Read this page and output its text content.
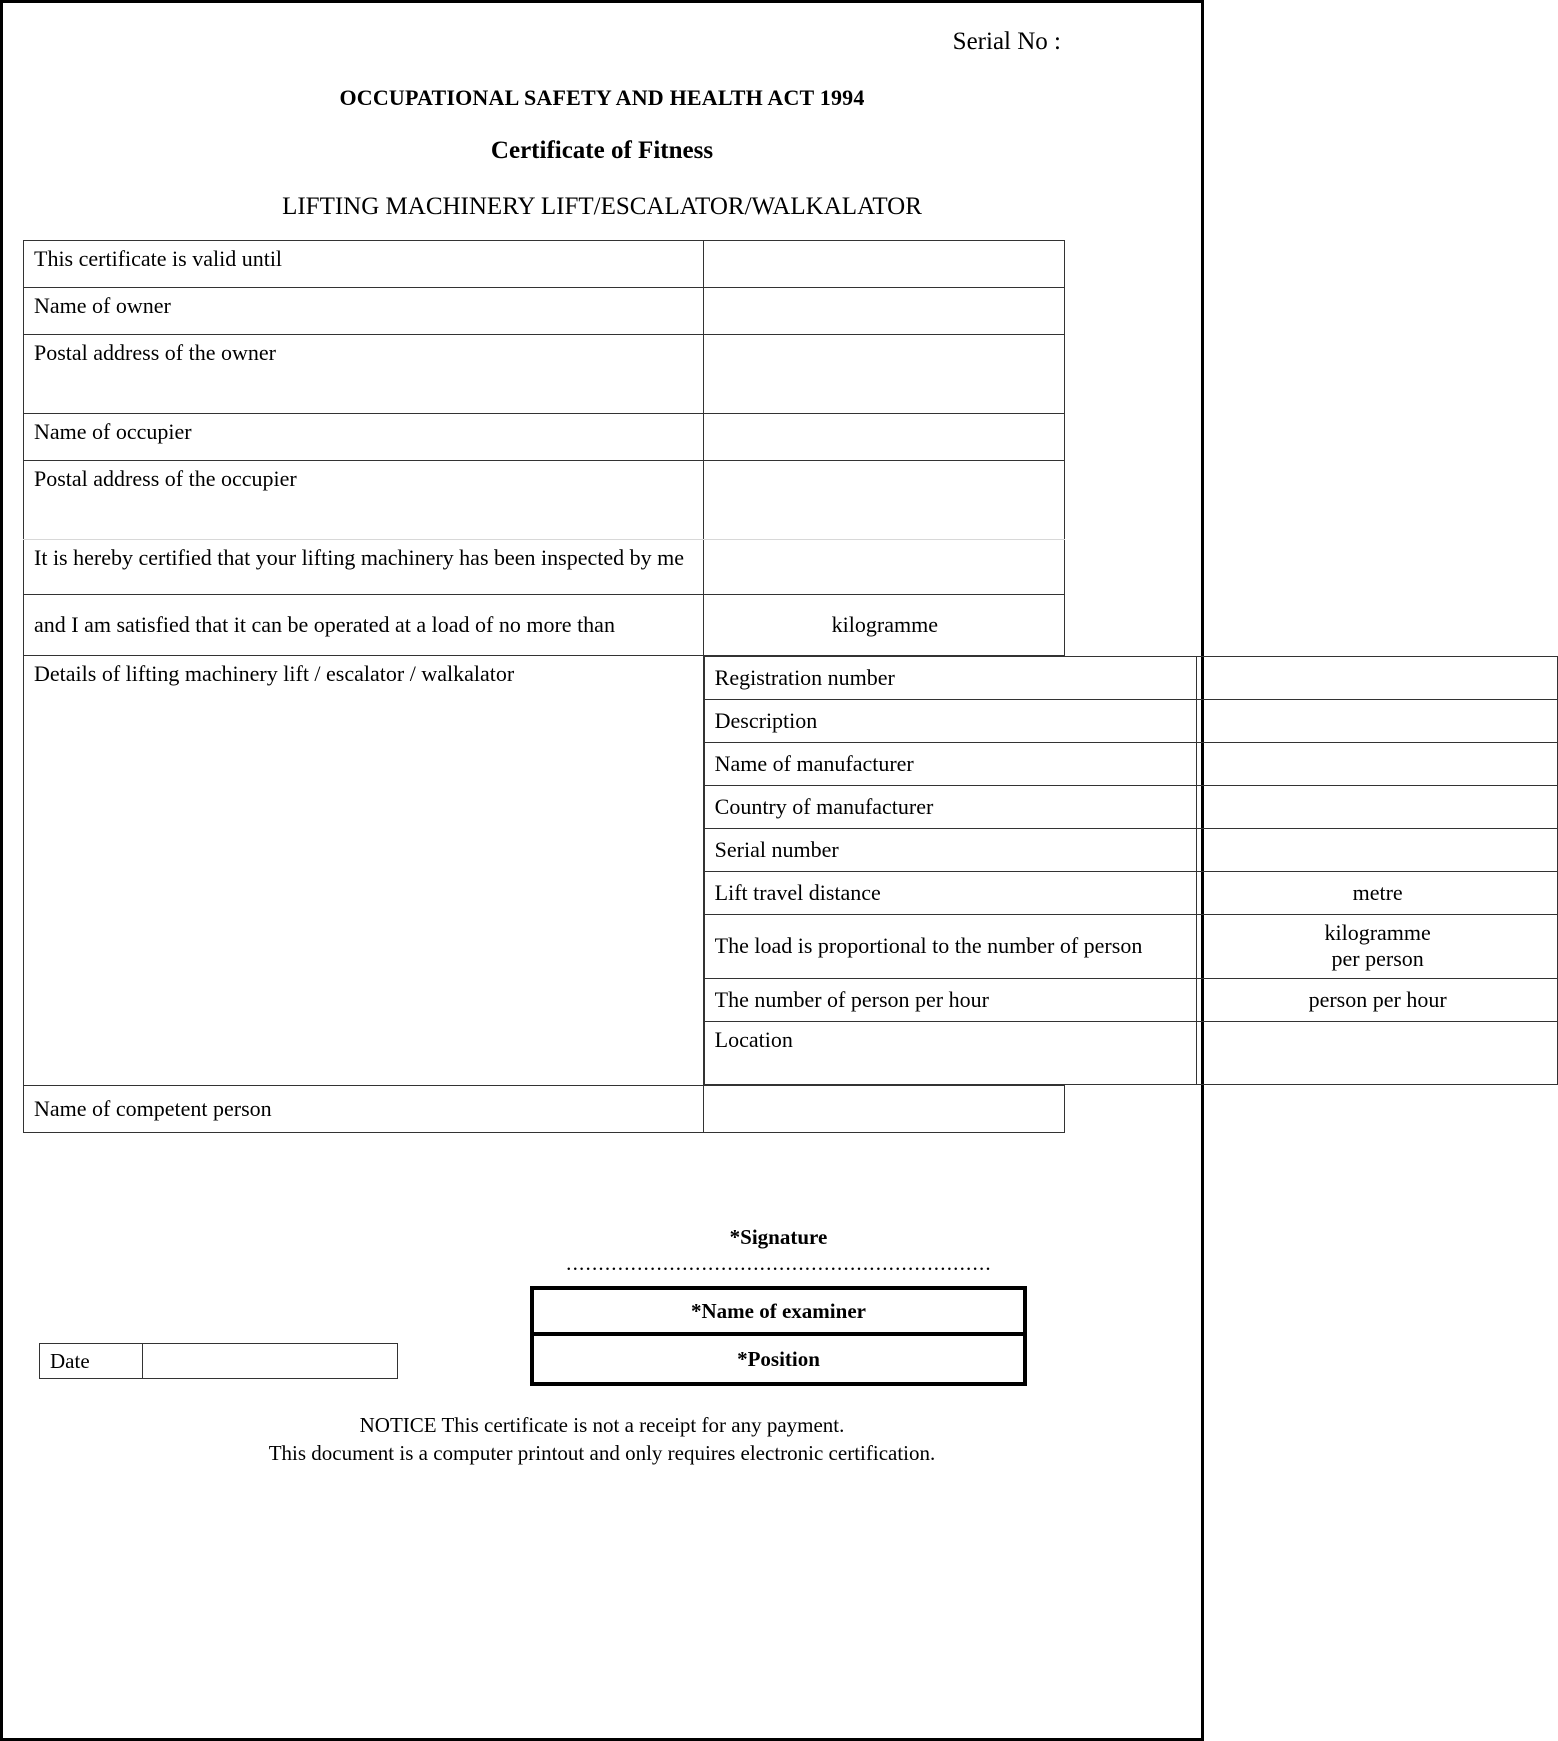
Serial No :
OCCUPATIONAL SAFETY AND HEALTH ACT 1994
Certificate of Fitness
LIFTING MACHINERY LIFT/ESCALATOR/WALKALATOR
This certificate is valid until	
Name of owner	
Postal address of the owner	
Name of occupier	
Postal address of the occupier	
It is hereby certified that your lifting machinery has been inspected by me	
and I am satisfied that it can be operated at a load of no more than	kilogramme
Details of lifting machinery lift / escalator / walkalator		Registration number	
Description	
Name of manufacturer	
Country of manufacturer	
Serial number	
Lift travel distance	metre
The load is proportional to the number of person	kilogramme
per person
The number of person per hour	person per hour
Location	

Name of competent person	
*Signature
..................................................................
*Name of examiner
*Position
Date
NOTICE This certificate is not a receipt for any payment.
This document is a computer printout and only requires electronic certification.
